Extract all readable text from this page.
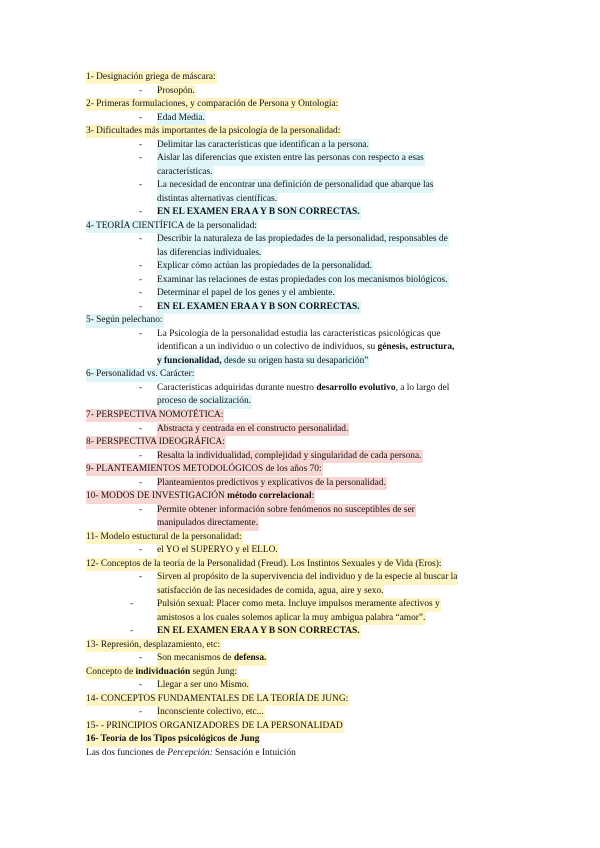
1- Designación griega de máscara:
- Prosopón.
2- Primeras formulaciones, y comparación de Persona y Ontología:
- Edad Media.
3- Dificultades más importantes de la psicología de la personalidad:
- Delimitar las características que identifican a la persona.
- Aislar las diferencias que existen entre las personas con respecto a esas
características.
- La necesidad de encontrar una definición de personalidad que abarque las
distintas alternativas científicas.
- EN EL EXAMEN ERA A Y B SON CORRECTAS.
4- TEORÍA CIENTÍFICA de la personalidad:
- Describir la naturaleza de las propiedades de la personalidad, responsables de
las diferencias individuales.
- Explicar cómo actúan las propiedades de la personalidad.
- Examinar las relaciones de estas propiedades con los mecanismos biológicos.
- Determinar el papel de los genes y el ambiente.
- EN EL EXAMEN ERA A Y B SON CORRECTAS.
5- Según pelechano:
- La Psicología de la personalidad estudia las características psicológicas que
identifican a un individuo o un colectivo de individuos, su génesis, estructura,
y funcionalidad, desde su origen hasta su desaparición”
6- Personalidad vs. Carácter:
- Características adquiridas durante nuestro desarrollo evolutivo, a lo largo del
proceso de socialización.
7- PERSPECTIVA NOMOTÉTICA:
- Abstracta y centrada en el constructo personalidad.
8- PERSPECTIVA IDEOGRÁFICA:
- Resalta la individualidad, complejidad y singularidad de cada persona.
9- PLANTEAMIENTOS METODOLÓGICOS de los años 70:
- Planteamientos predictivos y explicativos de la personalidad.
10- MODOS DE INVESTIGACIÓN método correlacional:
- Permite obtener información sobre fenómenos no susceptibles de ser
manipulados directamente.
11- Modelo estuctural de la personalidad:
- el YO el SUPERYO y el ELLO.
12- Conceptos de la teoría de la Personalidad (Freud). Los Instintos Sexuales y de Vida (Eros):
- Sirven al propósito de la supervivencia del individuo y de la especie al buscar la
satisfacción de las necesidades de comida, agua, aire y sexo.
-	Pulsión sexual: Placer como meta. Incluye impulsos meramente afectivos y
amistosos a los cuales solemos aplicar la muy ambigua palabra “amor”.
-	EN EL EXAMEN ERA A Y B SON CORRECTAS.
13- Represión, desplazamiento, etc:
- Son mecanismos de defensa.
Concepto de individuación según Jung:
- Llegar a ser uno Mismo.
14- CONCEPTOS FUNDAMENTALES DE LA TEORÍA DE JUNG:
- Inconsciente colectivo, etc...
15- - PRINCIPIOS ORGANIZADORES DE LA PERSONALIDAD
16- Teoría de los Tipos psicológicos de Jung
Las dos funciones de Percepción: Sensación e Intuición
